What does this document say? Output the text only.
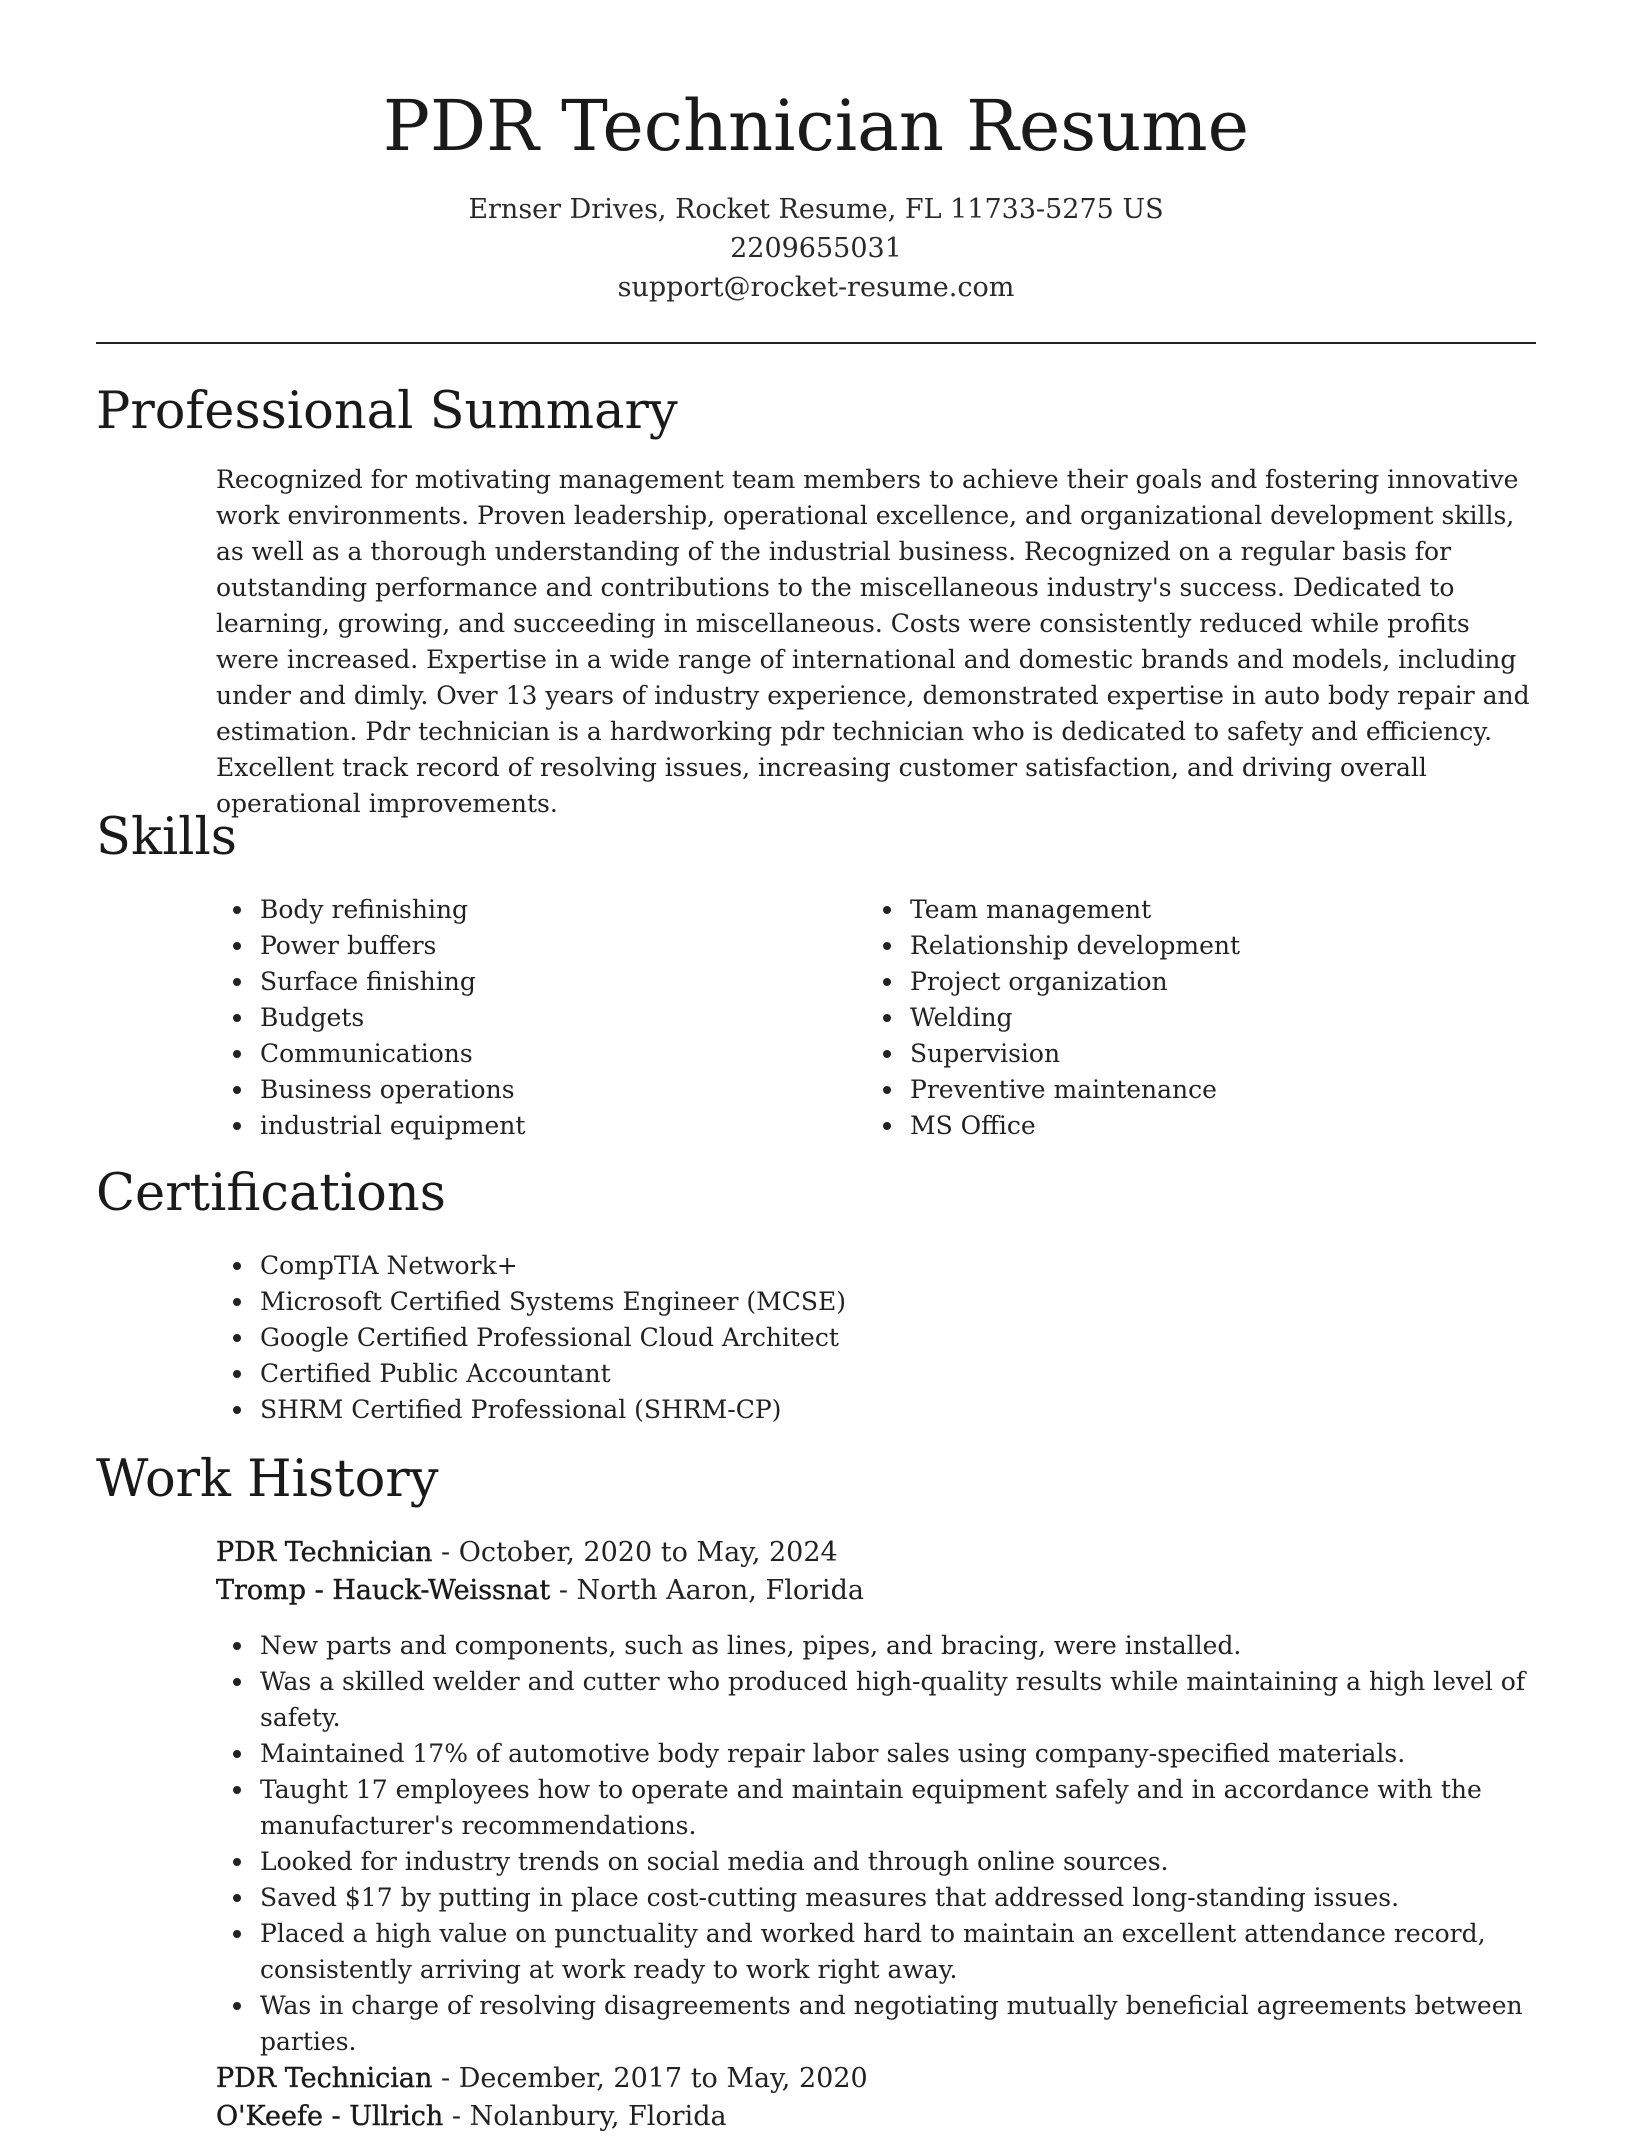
PDR Technician Resume
Ernser Drives, Rocket Resume, FL 11733-5275 US
2209655031
support@rocket-resume.com
Professional Summary

Recognized for motivating management team members to achieve their goals and fostering innovative work environments. Proven leadership, operational excellence, and organizational development skills, as well as a thorough understanding of the industrial business. Recognized on a regular basis for outstanding performance and contributions to the miscellaneous industry's success. Dedicated to learning, growing, and succeeding in miscellaneous. Costs were consistently reduced while profits were increased. Expertise in a wide range of international and domestic brands and models, including under and dimly. Over 13 years of industry experience, demonstrated expertise in auto body repair and estimation. Pdr technician is a hardworking pdr technician who is dedicated to safety and efficiency. Excellent track record of resolving issues, increasing customer satisfaction, and driving overall operational improvements.

Skills
Body refinishing
Power buffers
Surface finishing
Budgets
Communications
Business operations
industrial equipment
Team management
Relationship development
Project organization
Welding
Supervision
Preventive maintenance
MS Office
Certifications
CompTIA Network+
Microsoft Certified Systems Engineer (MCSE)
Google Certified Professional Cloud Architect
Certified Public Accountant
SHRM Certified Professional (SHRM-CP)
Work History
PDR Technician - October, 2020 to May, 2024
Tromp - Hauck-Weissnat - North Aaron, Florida
New parts and components, such as lines, pipes, and bracing, were installed.
Was a skilled welder and cutter who produced high-quality results while maintaining a high level of safety.
Maintained 17% of automotive body repair labor sales using company-specified materials.
Taught 17 employees how to operate and maintain equipment safely and in accordance with the manufacturer's recommendations.
Looked for industry trends on social media and through online sources.
Saved $17 by putting in place cost-cutting measures that addressed long-standing issues.
Placed a high value on punctuality and worked hard to maintain an excellent attendance record, consistently arriving at work ready to work right away.
Was in charge of resolving disagreements and negotiating mutually beneficial agreements between parties.
PDR Technician - December, 2017 to May, 2020
O'Keefe - Ullrich - Nolanbury, Florida
